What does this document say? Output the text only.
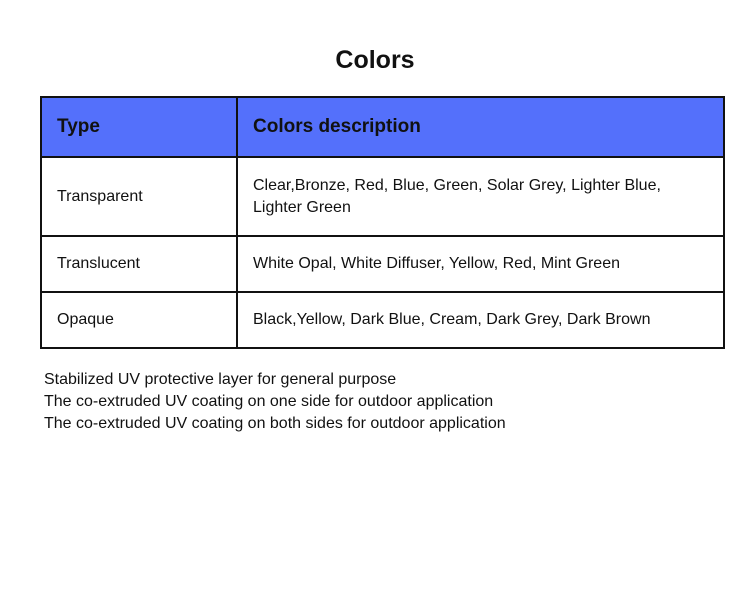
Colors
Type	Colors description
Transparent	Clear,Bronze, Red, Blue, Green, Solar Grey, Lighter Blue, Lighter Green
Translucent	White Opal, White Diffuser, Yellow, Red, Mint Green
Opaque	Black,Yellow, Dark Blue, Cream, Dark Grey, Dark Brown
Stabilized UV protective layer for general purpose
The co-extruded UV coating on one side for outdoor application
The co-extruded UV coating on both sides for outdoor application
